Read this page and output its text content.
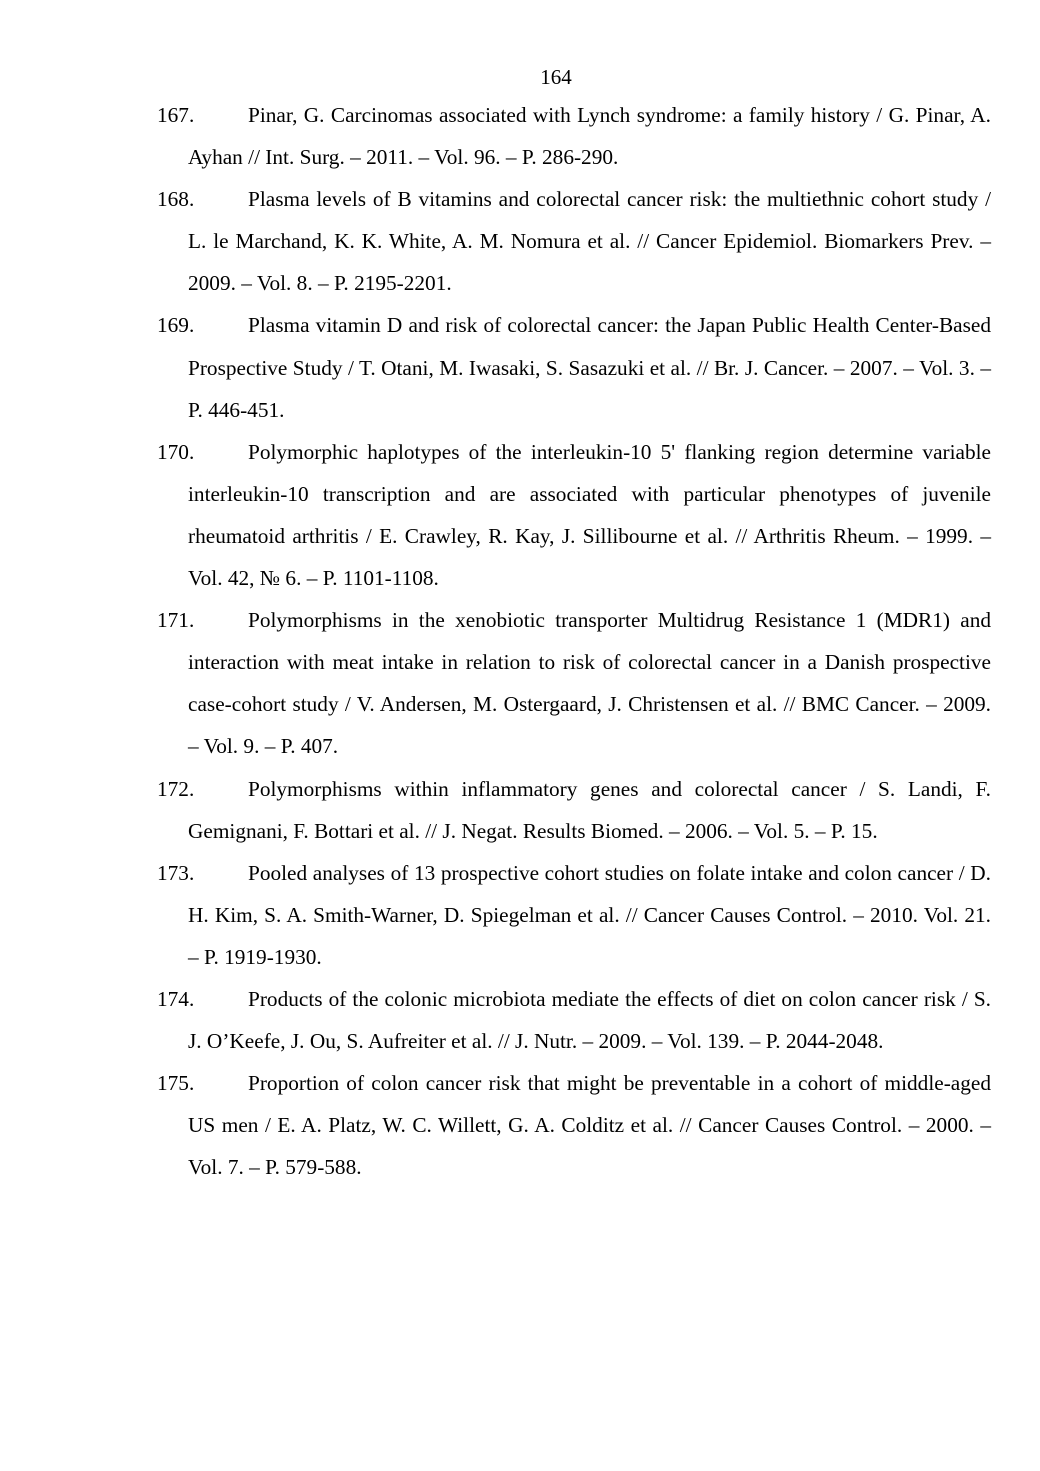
164
167.	Pinar, G. Carcinomas associated with Lynch syndrome: a family history / G. Pinar, A. Ayhan // Int. Surg. – 2011. – Vol. 96. – P. 286-290.
168.	Plasma levels of B vitamins and colorectal cancer risk: the multiethnic cohort study / L. le Marchand, K. K. White, A. M. Nomura et al. // Cancer Epidemiol. Biomarkers Prev. – 2009. – Vol. 8. – P. 2195-2201.
169.	Plasma vitamin D and risk of colorectal cancer: the Japan Public Health Center-Based Prospective Study / T. Otani, M. Iwasaki, S. Sasazuki et al. // Br. J. Cancer. – 2007. – Vol. 3. – P. 446-451.
170.	Polymorphic haplotypes of the interleukin-10 5' flanking region determine variable interleukin-10 transcription and are associated with particular phenotypes of juvenile rheumatoid arthritis / E. Crawley, R. Kay, J. Sillibourne et al. // Arthritis Rheum. – 1999. – Vol. 42, № 6. – P. 1101-1108.
171.	Polymorphisms in the xenobiotic transporter Multidrug Resistance 1 (MDR1) and interaction with meat intake in relation to risk of colorectal cancer in a Danish prospective case-cohort study / V. Andersen, M. Ostergaard, J. Christensen et al. // BMC Cancer. – 2009. – Vol. 9. – P. 407.
172.	Polymorphisms within inflammatory genes and colorectal cancer / S. Landi, F. Gemignani, F. Bottari et al. // J. Negat. Results Biomed. – 2006. – Vol. 5. – P. 15.
173.	Pooled analyses of 13 prospective cohort studies on folate intake and colon cancer / D. H. Kim, S. A. Smith-Warner, D. Spiegelman et al. // Cancer Causes Control. – 2010. Vol. 21. – P. 1919-1930.
174.	Products of the colonic microbiota mediate the effects of diet on colon cancer risk / S. J. O’Keefe, J. Ou, S. Aufreiter et al. // J. Nutr. – 2009. – Vol. 139. – P. 2044-2048.
175.	Proportion of colon cancer risk that might be preventable in a cohort of middle-aged US men / E. A. Platz, W. C. Willett, G. A. Colditz et al. // Cancer Causes Control. – 2000. – Vol. 7. – P. 579-588.
